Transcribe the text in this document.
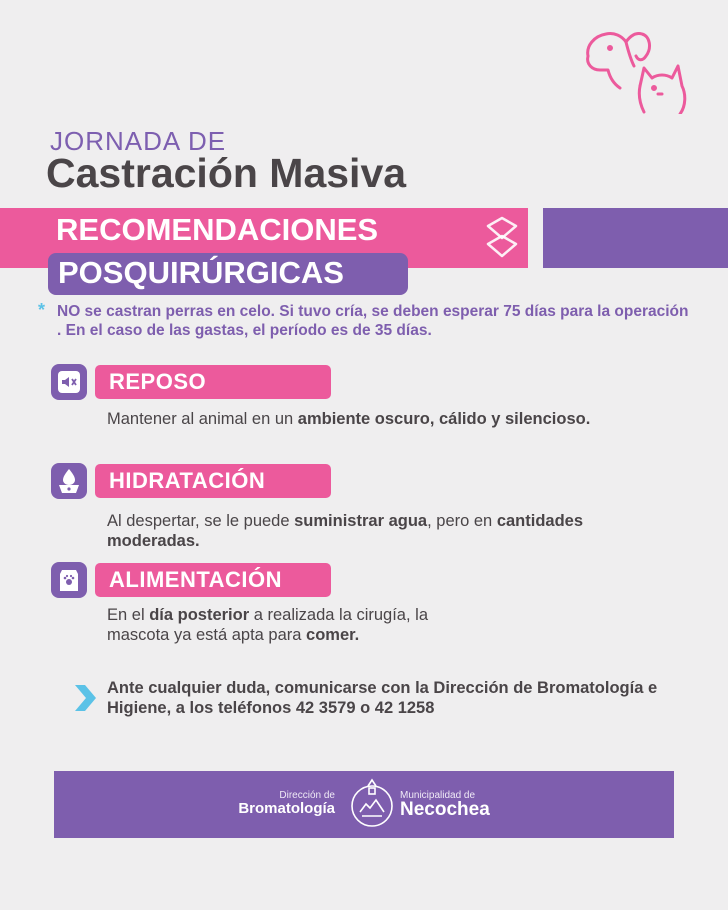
JORNADA DE
Castración Masiva
RECOMENDACIONES
POSQUIRÚRGICAS
* NO se castran perras en celo. Si tuvo cría, se deben esperar 75 días para la operación . En el caso de las gastas, el período es de 35 días.
REPOSO
Mantener al animal en un ambiente oscuro, cálido y silencioso.
HIDRATACIÓN
Al despertar, se le puede suministrar agua, pero en cantidades moderadas.
ALIMENTACIÓN
En el día posterior a realizada la cirugía, la mascota ya está apta para comer.
Ante cualquier duda, comunicarse con la Dirección de Bromatología e Higiene, a los teléfonos 42 3579 o 42 1258
Dirección de
Bromatología
Municipalidad de
Necochea
